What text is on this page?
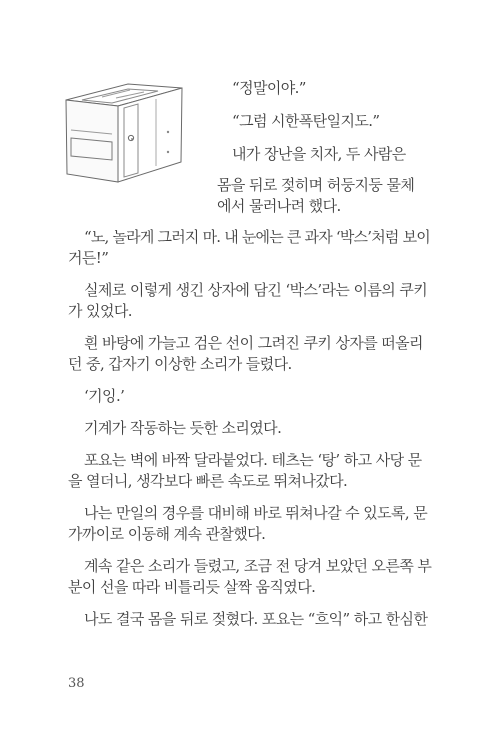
“정말이야.”
“그럼 시한폭탄일지도.”
내가 장난을 치자, 두 사람은
몸을 뒤로 젖히며 허둥지둥 물체
에서 물러나려 했다.
“노, 놀라게 그러지 마. 내 눈에는 큰 과자 ‘박스’처럼 보이
거든!”
실제로 이렇게 생긴 상자에 담긴 ‘박스’라는 이름의 쿠키
가 있었다.
흰 바탕에 가늘고 검은 선이 그려진 쿠키 상자를 떠올리
던 중, 갑자기 이상한 소리가 들렸다.
‘기잉.’
기계가 작동하는 듯한 소리였다.
포요는 벽에 바짝 달라붙었다. 테츠는 ‘탕’ 하고 사당 문
을 열더니, 생각보다 빠른 속도로 뛰쳐나갔다.
나는 만일의 경우를 대비해 바로 뛰쳐나갈 수 있도록, 문
가까이로 이동해 계속 관찰했다.
계속 같은 소리가 들렸고, 조금 전 당겨 보았던 오른쪽 부
분이 선을 따라 비틀리듯 살짝 움직였다.
나도 결국 몸을 뒤로 젖혔다. 포요는 “흐익” 하고 한심한
38
